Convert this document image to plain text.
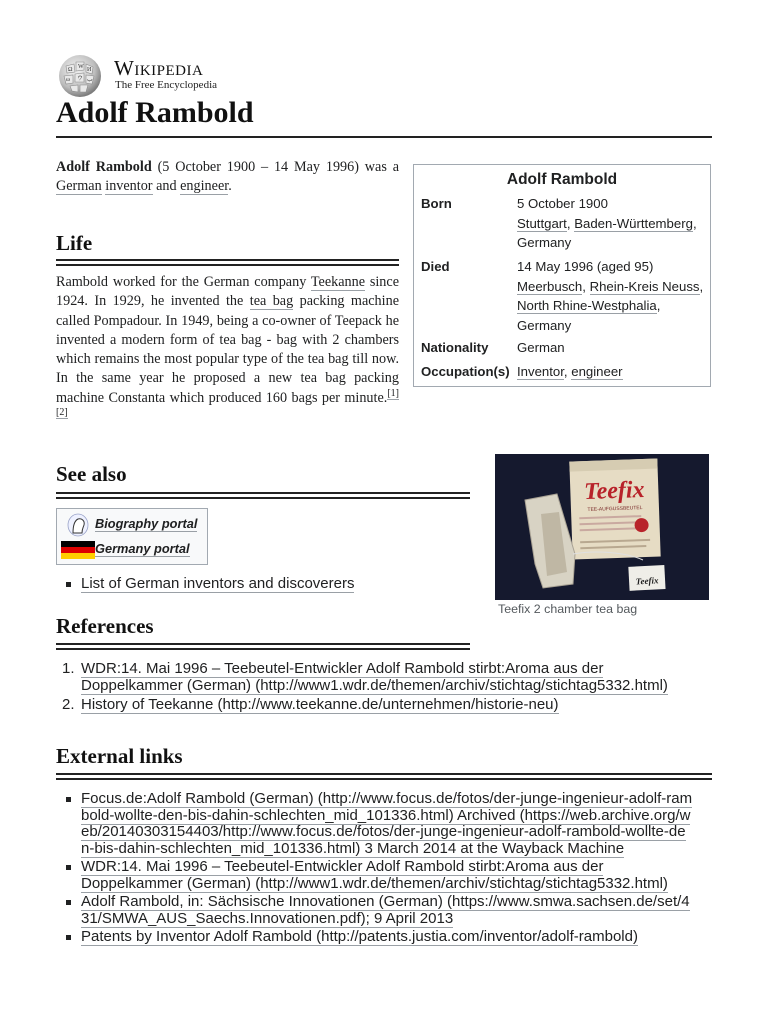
Ω W И
ウ
ω	ب Wikipedia
The Free Encyclopedia
Adolf Rambold

Adolf Rambold (5 October 1900 – 14 May 1996) was a German inventor and engineer.

Life

Rambold worked for the German company Teekanne since 1924. In 1929, he invented the tea bag packing machine called Pompadour. In 1949, being a co-owner of Teepack he invented a modern form of tea bag - bag with 2 chambers which remains the most popular type of the tea bag till now. In the same year he proposed a new tea bag packing machine Constanta which produced 160 bags per minute.[1][2]

Adolf Rambold
Born	5 October 1900
Stuttgart, Baden-Württemberg,
Germany
Died	14 May 1996 (aged 95)
Meerbusch, Rhein-Kreis Neuss, North Rhine-Westphalia, Germany
Nationality German
Occupation(s) Inventor, engineer
Teefix
TEE-AUFGUSSBEUTEL
Teefix
Teefix 2 chamber tea bag
See also
Biography portal
Germany portal
List of German inventors and discoverers
References
1. WDR:14. Mai 1996 – Teebeutel-Entwickler Adolf Rambold stirbt:Aroma aus der
Doppelkammer (German) (http://www1.wdr.de/themen/archiv/stichtag/stichtag5332.html)
2. History of Teekanne (http://www.teekanne.de/unternehmen/historie-neu)
External links
Focus.de:Adolf Rambold (German) (http://www.focus.de/fotos/der-junge-ingenieur-adolf-ram
bold-wollte-den-bis-dahin-schlechten_mid_101336.html) Archived (https://web.archive.org/w
eb/20140303154403/http://www.focus.de/fotos/der-junge-ingenieur-adolf-rambold-wollte-de
n-bis-dahin-schlechten_mid_101336.html) 3 March 2014 at the Wayback Machine
WDR:14. Mai 1996 – Teebeutel-Entwickler Adolf Rambold stirbt:Aroma aus der
Doppelkammer (German) (http://www1.wdr.de/themen/archiv/stichtag/stichtag5332.html)
Adolf Rambold, in: Sächsische Innovationen (German) (https://www.smwa.sachsen.de/set/4
31/SMWA_AUS_Saechs.Innovationen.pdf); 9 April 2013
Patents by Inventor Adolf Rambold (http://patents.justia.com/inventor/adolf-rambold)
